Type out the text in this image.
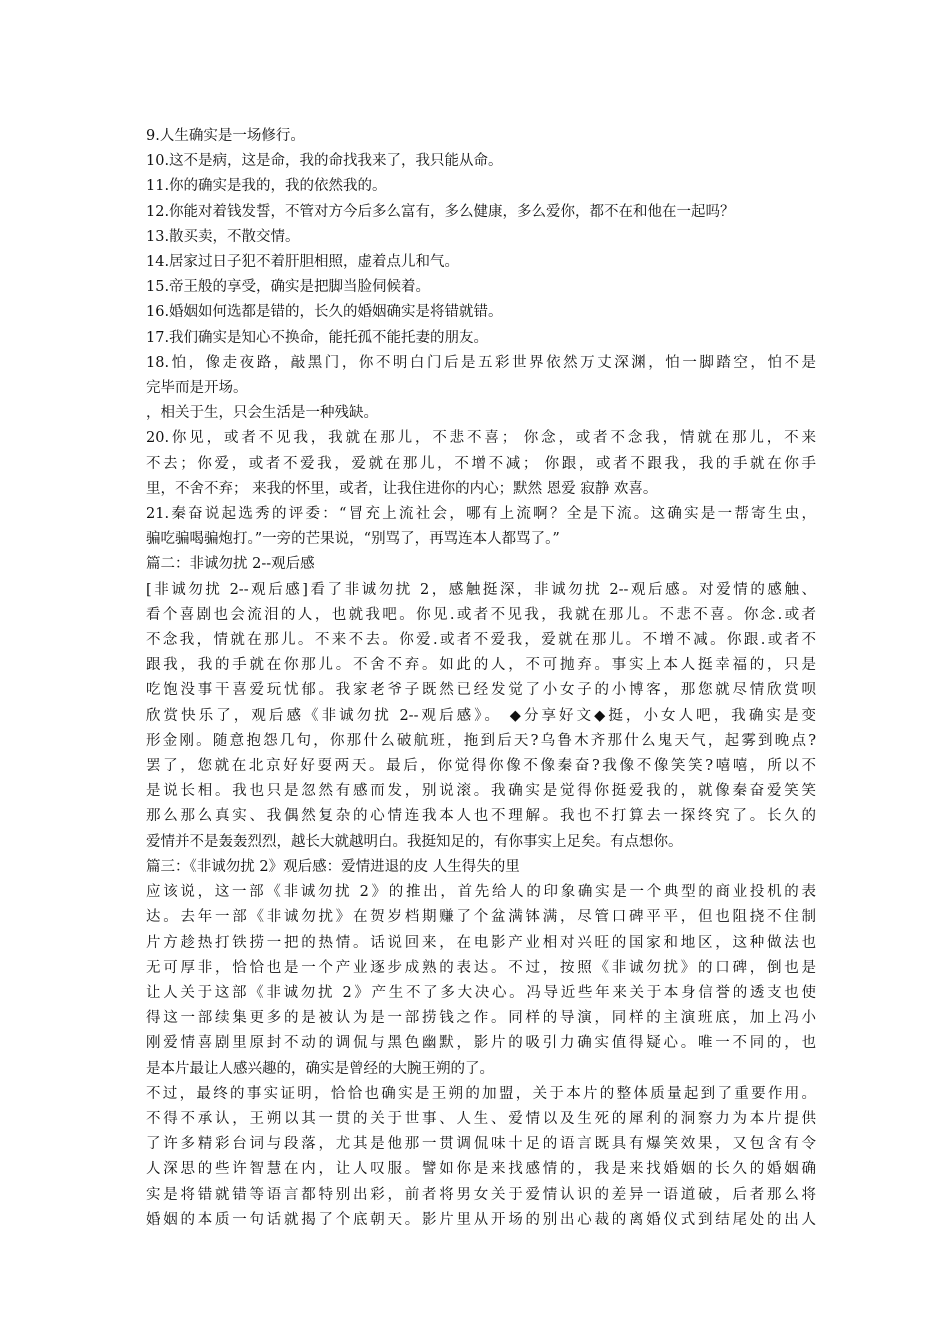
9.人生确实是一场修行。
10.这不是病，这是命，我的命找我来了，我只能从命。
11.你的确实是我的，我的依然我的。
12.你能对着钱发誓，不管对方今后多么富有，多么健康，多么爱你，都不在和他在一起吗？
13.散买卖，不散交情。
14.居家过日子犯不着肝胆相照，虚着点儿和气。
15.帝王般的享受，确实是把脚当脸伺候着。
16.婚姻如何选都是错的，长久的婚姻确实是将错就错。
17.我们确实是知心不换命，能托孤不能托妻的朋友。
18.怕，像走夜路，敲黑门，你不明白门后是五彩世界依然万丈深渊，怕一脚踏空，怕不是
完毕而是开场。
，相关于生，只会生活是一种残缺。
20.你见，或者不见我，我就在那儿，不悲不喜； 你念，或者不念我，情就在那儿，不来
不去；你爱，或者不爱我，爱就在那儿，不增不减； 你跟，或者不跟我，我的手就在你手
里，不舍不弃； 来我的怀里，或者，让我住进你的内心；默然 恩爱 寂静 欢喜。
21.秦奋说起选秀的评委：“冒充上流社会，哪有上流啊？全是下流。这确实是一帮寄生虫，
骗吃骗喝骗炮打。”一旁的芒果说，“别骂了，再骂连本人都骂了。”
篇二：非诚勿扰 2--观后感
[非诚勿扰 2--观后感]看了非诚勿扰 2，感触挺深，非诚勿扰 2--观后感。对爱情的感触、
看个喜剧也会流泪的人，也就我吧。你见.或者不见我，我就在那儿。不悲不喜。你念.或者
不念我，情就在那儿。不来不去。你爱.或者不爱我，爱就在那儿。不增不减。你跟.或者不
跟我，我的手就在你那儿。不舍不弃。如此的人，不可抛弃。事实上本人挺幸福的，只是
吃饱没事干喜爱玩忧郁。我家老爷子既然已经发觉了小女子的小博客，那您就尽情欣赏呗
欣赏快乐了，观后感《非诚勿扰 2--观后感》。 ◆分享好文◆挺，小女人吧，我确实是变
形金刚。随意抱怨几句，你那什么破航班，拖到后天?乌鲁木齐那什么鬼天气，起雾到晚点?
罢了，您就在北京好好耍两天。最后，你觉得你像不像秦奋?我像不像笑笑?嘻嘻，所以不
是说长相。我也只是忽然有感而发，别说滚。我确实是觉得你挺爱我的，就像秦奋爱笑笑
那么那么真实、我偶然复杂的心情连我本人也不理解。我也不打算去一探终究了。长久的
爱情并不是轰轰烈烈，越长大就越明白。我挺知足的，有你事实上足矣。有点想你。
篇三：《非诚勿扰 2》观后感：爱情进退的皮 人生得失的里
应该说，这一部《非诚勿扰 2》的推出，首先给人的印象确实是一个典型的商业投机的表
达。去年一部《非诚勿扰》在贺岁档期赚了个盆满钵满，尽管口碑平平，但也阻挠不住制
片方趁热打铁捞一把的热情。话说回来，在电影产业相对兴旺的国家和地区，这种做法也
无可厚非，恰恰也是一个产业逐步成熟的表达。不过，按照《非诚勿扰》的口碑，倒也是
让人关于这部《非诚勿扰 2》产生不了多大决心。冯导近些年来关于本身信誉的透支也使
得这一部续集更多的是被认为是一部捞钱之作。同样的导演，同样的主演班底，加上冯小
刚爱情喜剧里原封不动的调侃与黑色幽默，影片的吸引力确实值得疑心。唯一不同的，也
是本片最让人感兴趣的，确实是曾经的大腕王朔的了。
不过，最终的事实证明，恰恰也确实是王朔的加盟，关于本片的整体质量起到了重要作用。
不得不承认，王朔以其一贯的关于世事、人生、爱情以及生死的犀利的洞察力为本片提供
了许多精彩台词与段落，尤其是他那一贯调侃味十足的语言既具有爆笑效果，又包含有令
人深思的些许智慧在内，让人叹服。譬如你是来找感情的，我是来找婚姻的长久的婚姻确
实是将错就错等语言都特别出彩，前者将男女关于爱情认识的差异一语道破，后者那么将
婚姻的本质一句话就揭了个底朝天。影片里从开场的别出心裁的离婚仪式到结尾处的出人
